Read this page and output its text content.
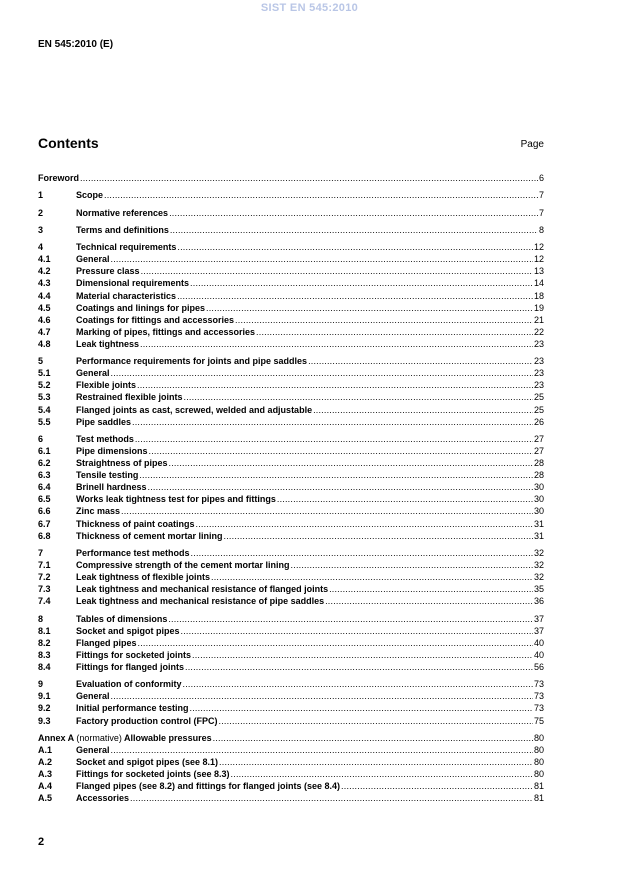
SIST EN 545:2010
EN 545:2010 (E)
Contents	Page
Foreword .....	6
1	Scope .....	7
2	Normative references .....	7
3	Terms and definitions .....	8
4	Technical requirements .....	12
4.1	General .....	12
4.2	Pressure class .....	13
4.3	Dimensional requirements .....	14
4.4	Material characteristics .....	18
4.5	Coatings and linings for pipes .....	19
4.6	Coatings for fittings and accessories .....	21
4.7	Marking of pipes, fittings and accessories .....	22
4.8	Leak tightness .....	23
5	Performance requirements for joints and pipe saddles .....	23
5.1	General .....	23
5.2	Flexible joints .....	23
5.3	Restrained flexible joints .....	25
5.4	Flanged joints as cast, screwed, welded and adjustable .....	25
5.5	Pipe saddles .....	26
6	Test methods .....	27
6.1	Pipe dimensions .....	27
6.2	Straightness of pipes .....	28
6.3	Tensile testing .....	28
6.4	Brinell hardness .....	30
6.5	Works leak tightness test for pipes and fittings .....	30
6.6	Zinc mass .....	30
6.7	Thickness of paint coatings .....	31
6.8	Thickness of cement mortar lining .....	31
7	Performance test methods .....	32
7.1	Compressive strength of the cement mortar lining .....	32
7.2	Leak tightness of flexible joints .....	32
7.3	Leak tightness and mechanical resistance of flanged joints .....	35
7.4	Leak tightness and mechanical resistance of pipe saddles .....	36
8	Tables of dimensions .....	37
8.1	Socket and spigot pipes .....	37
8.2	Flanged pipes .....	40
8.3	Fittings for socketed joints .....	40
8.4	Fittings for flanged joints .....	56
9	Evaluation of conformity .....	73
9.1	General .....	73
9.2	Initial performance testing .....	73
9.3	Factory production control (FPC) .....	75
Annex A (normative) Allowable pressures .....	80
A.1	General .....	80
A.2	Socket and spigot pipes (see 8.1) .....	80
A.3	Fittings for socketed joints (see 8.3) .....	80
A.4	Flanged pipes (see 8.2) and fittings for flanged joints (see 8.4) .....	81
A.5	Accessories .....	81
2
